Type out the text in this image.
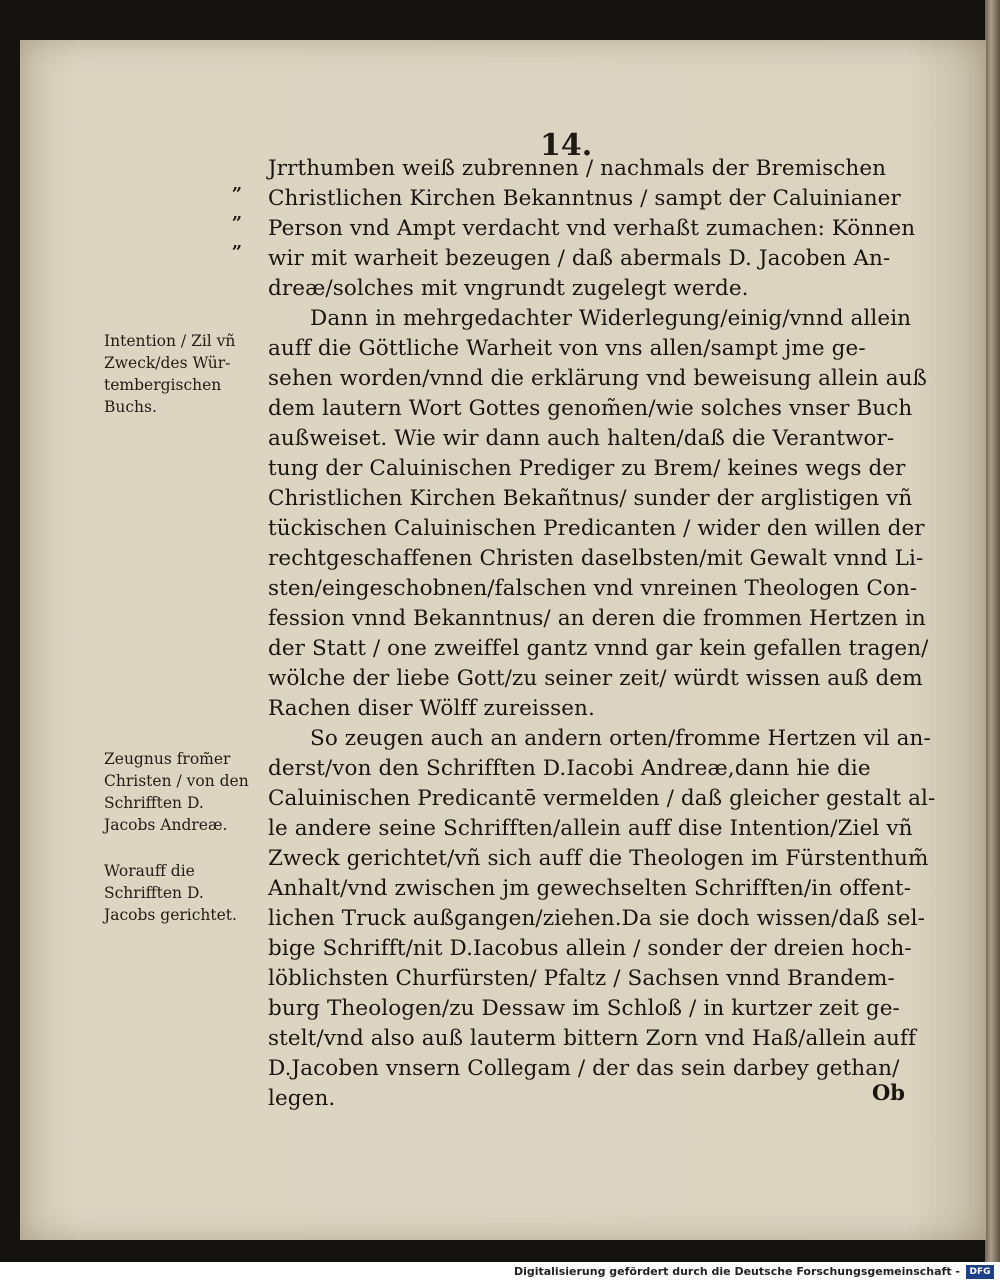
14.
„
„
„
Intention / Zil vñ
Zweck/des Wür-
tembergischen
Buchs.
Zeugnus from̃er
Christen / von den
Schrifften D.
Jacobs Andreæ.
Worauff die
Schrifften D.
Jacobs gerichtet.
Jrrthumben weiß zubrennen / nachmals der Bremischen
Christlichen Kirchen Bekanntnus / sampt der Caluinianer
Person vnd Ampt verdacht vnd verhaßt zumachen: Können
wir mit warheit bezeugen / daß abermals D. Jacoben An-
dreæ/solches mit vngrundt zugelegt werde.
Dann in mehrgedachter Widerlegung/einig/vnnd allein
auff die Göttliche Warheit von vns allen/sampt jme ge-
sehen worden/vnnd die erklärung vnd beweisung allein auß
dem lautern Wort Gottes genom̃en/wie solches vnser Buch
außweiset. Wie wir dann auch halten/daß die Verantwor-
tung der Caluinischen Prediger zu Brem/ keines wegs der
Christlichen Kirchen Bekañtnus/ sunder der arglistigen vñ
tückischen Caluinischen Predicanten / wider den willen der
rechtgeschaffenen Christen daselbsten/mit Gewalt vnnd Li-
sten/eingeschobnen/falschen vnd vnreinen Theologen Con-
fession vnnd Bekanntnus/ an deren die frommen Hertzen in
der Statt / one zweiffel gantz vnnd gar kein gefallen tragen/
wölche der liebe Gott/zu seiner zeit/ würdt wissen auß dem
Rachen diser Wölff zureissen.
So zeugen auch an andern orten/fromme Hertzen vil an-
derst/von den Schrifften D.Iacobi Andreæ,dann hie die
Caluinischen Predicantē vermelden / daß gleicher gestalt al-
le andere seine Schrifften/allein auff dise Intention/Ziel vñ
Zweck gerichtet/vñ sich auff die Theologen im Fürstenthum̃
Anhalt/vnd zwischen jm gewechselten Schrifften/in offent-
lichen Truck außgangen/ziehen.Da sie doch wissen/daß sel-
bige Schrifft/nit D.Iacobus allein / sonder der dreien hoch-
löblichsten Churfürsten/ Pfaltz / Sachsen vnnd Brandem-
burg Theologen/zu Dessaw im Schloß / in kurtzer zeit ge-
stelt/vnd also auß lauterm bittern Zorn vnd Haß/allein auff
D.Jacoben vnsern Collegam / der das sein darbey gethan/
legen.	Ob
Digitalisierung gefördert durch die Deutsche Forschungsgemeinschaft -	DFG
